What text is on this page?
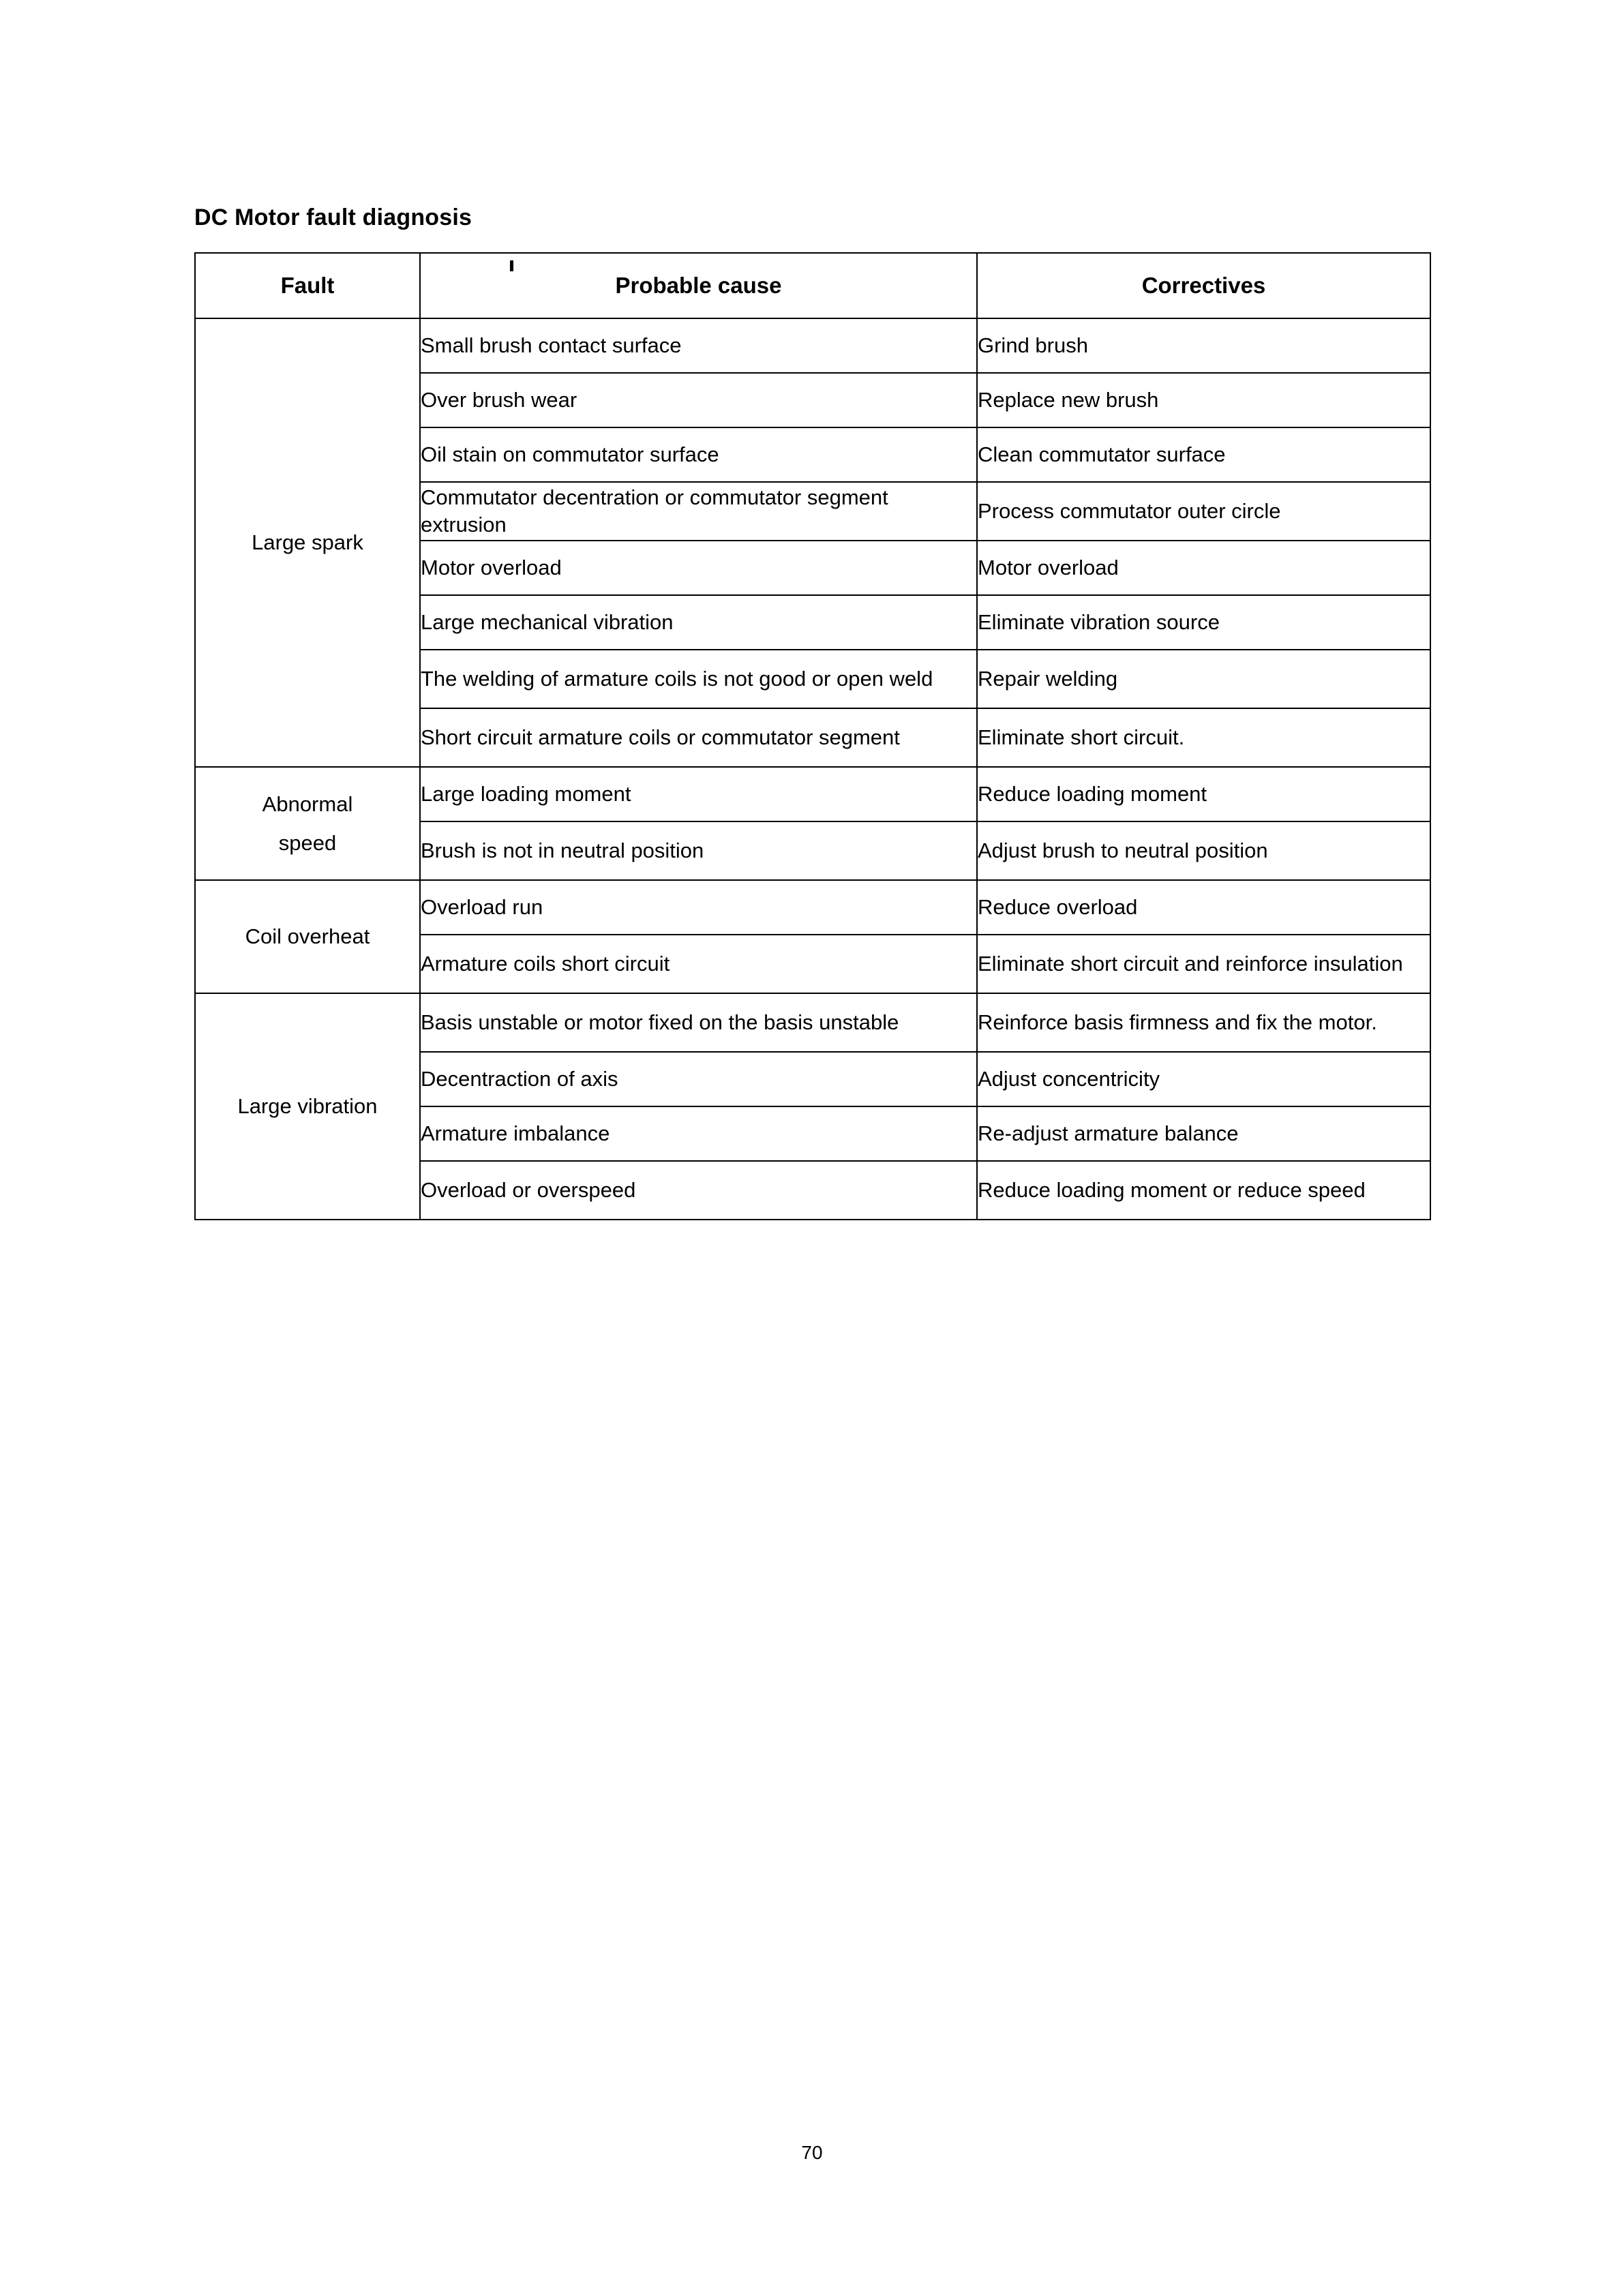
DC Motor fault diagnosis
Fault	Probable cause	Correctives

Large spark	Small brush contact surface	Grind brush
	Over brush wear	Replace new brush
	Oil stain on commutator surface	Clean commutator surface
	Commutator decentration or commutator segment extrusion	Process commutator outer circle
	Motor overload	Motor overload
	Large mechanical vibration	Eliminate vibration source
	The welding of armature coils is not good or open weld	Repair welding
	Short circuit armature coils or commutator segment	Eliminate short circuit.

Abnormal
speed	Large loading moment	Reduce loading moment
	Brush is not in neutral position	Adjust brush to neutral position

Coil overheat	Overload run	Reduce overload
	Armature coils short circuit	Eliminate short circuit and reinforce insulation

Large vibration	Basis unstable or motor fixed on the basis unstable	Reinforce basis firmness and fix the motor.
	Decentraction of axis	Adjust concentricity
	Armature imbalance	Re-adjust armature balance
	Overload or overspeed	Reduce loading moment or reduce speed
70
